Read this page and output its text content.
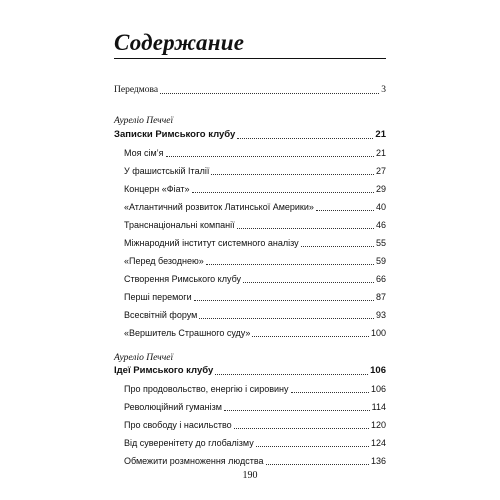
Содержание
Передмова	3
Ауреліо Печчеї
Записки Римського клубу	21
Моя сім’я	21
У фашистській Італії	27
Концерн «Фіат»	29
«Атлантичний розвиток Латинської Америки»	40
Транснаціональні компанії	46
Міжнародний інститут системного аналізу	55
«Перед безоднею»	59
Створення Римського клубу	66
Перші перемоги	87
Всесвітній форум	93
«Вершитель Страшного суду»	100
Ауреліо Печчеї
Ідеї Римського клубу	106
Про продовольство, енергію і сировину	106
Революційний гуманізм	114
Про свободу і насильство	120
Від суверенітету до глобалізму	124
Обмежити розмноження людства	136
190
